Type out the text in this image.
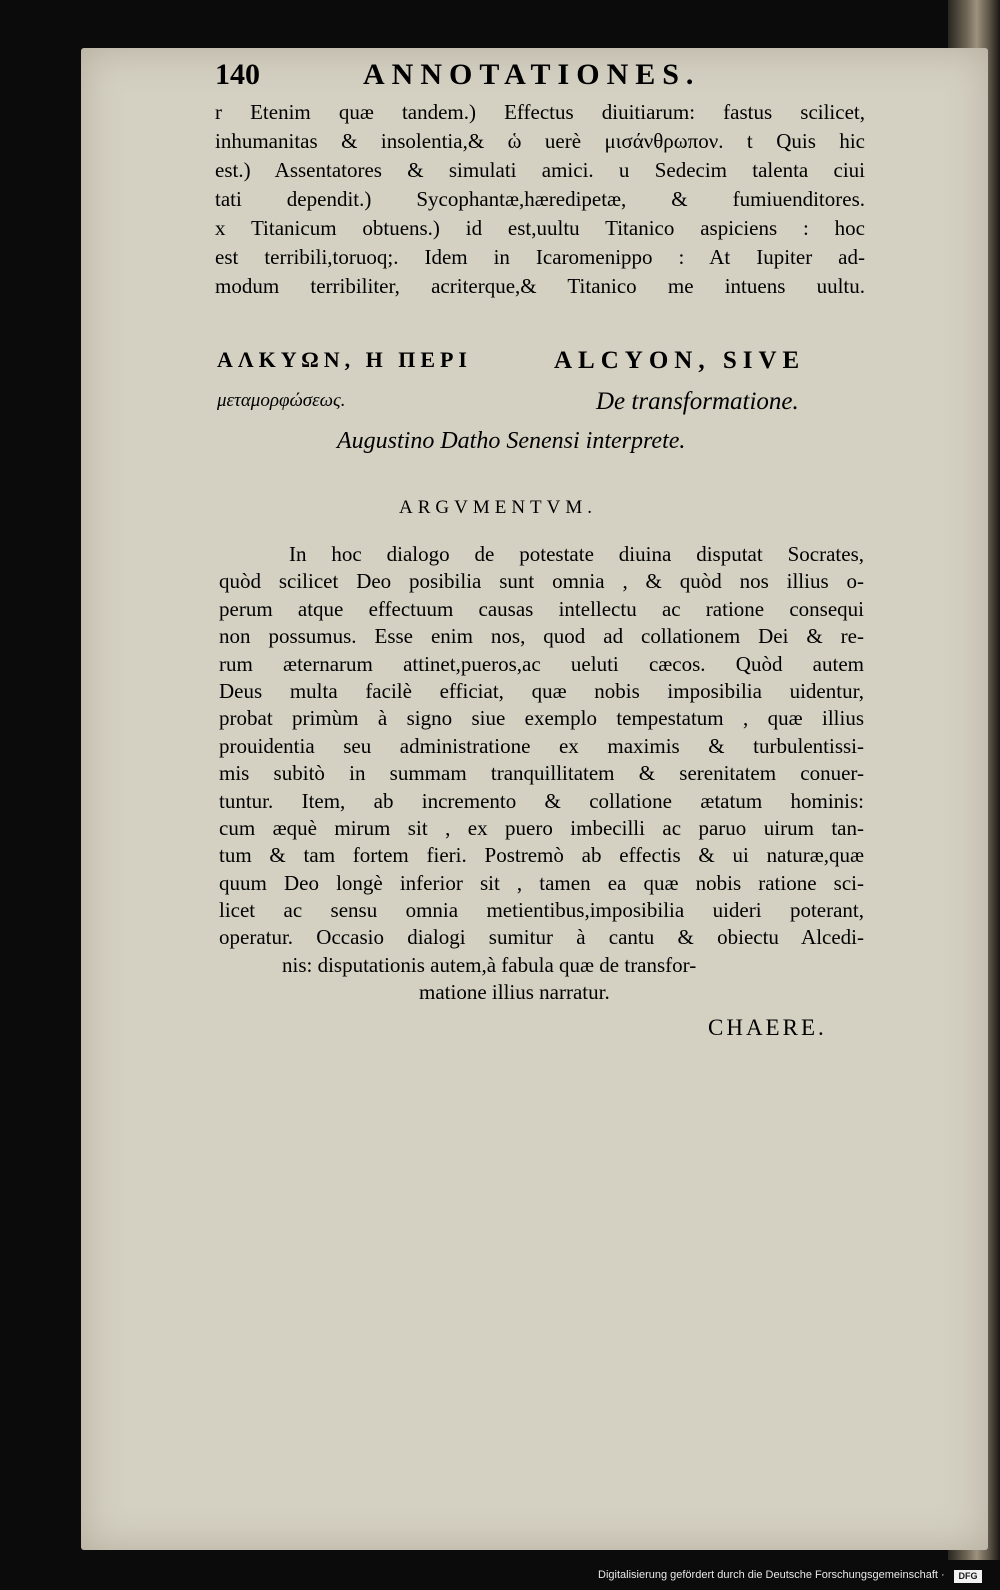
140	ANNOTATIONES.
r Etenim quæ tandem.) Effectus diuitiarum: fastus scilicet,
inhumanitas & insolentia,& ὡ uerè μισάνθρωπον. t Quis hic
est.) Assentatores & simulati amici. u Sedecim talenta ciui
tati dependit.) Sycophantæ,hæredipetæ, & fumiuenditores.
x Titanicum obtuens.) id est,uultu Titanico aspiciens : hoc
est terribili,toruoq;. Idem in Icaromenippo : At Iupiter ad-
modum terribiliter, acriterque,& Titanico me intuens uultu.
ΑΛΚΥΩΝ, Η ΠΕΡΙ
μεταμορφώσεως.
ALCYON, SIVE
De transformatione.
Augustino Datho Senensi interprete.
ARGVMENTVM.
In hoc dialogo de potestate diuina disputat Socrates,
quòd scilicet Deo posibilia sunt omnia , & quòd nos illius o-
perum atque effectuum causas intellectu ac ratione consequi
non possumus. Esse enim nos, quod ad collationem Dei & re-
rum æternarum attinet,pueros,ac ueluti cæcos. Quòd autem
Deus multa facilè efficiat, quæ nobis imposibilia uidentur,
probat primùm à signo siue exemplo tempestatum , quæ illius
prouidentia seu administratione ex maximis & turbulentissi-
mis subitò in summam tranquillitatem & serenitatem conuer-
tuntur. Item, ab incremento & collatione ætatum hominis:
cum æquè mirum sit , ex puero imbecilli ac paruo uirum tan-
tum & tam fortem fieri. Postremò ab effectis & ui naturæ,quæ
quum Deo longè inferior sit , tamen ea quæ nobis ratione sci-
licet ac sensu omnia metientibus,imposibilia uideri poterant,
operatur. Occasio dialogi sumitur à cantu & obiectu Alcedi-
nis: disputationis autem,à fabula quæ de transfor-
matione illius narratur.
CHAERE.
Digitalisierung gefördert durch die Deutsche Forschungsgemeinschaft ·	DFG
